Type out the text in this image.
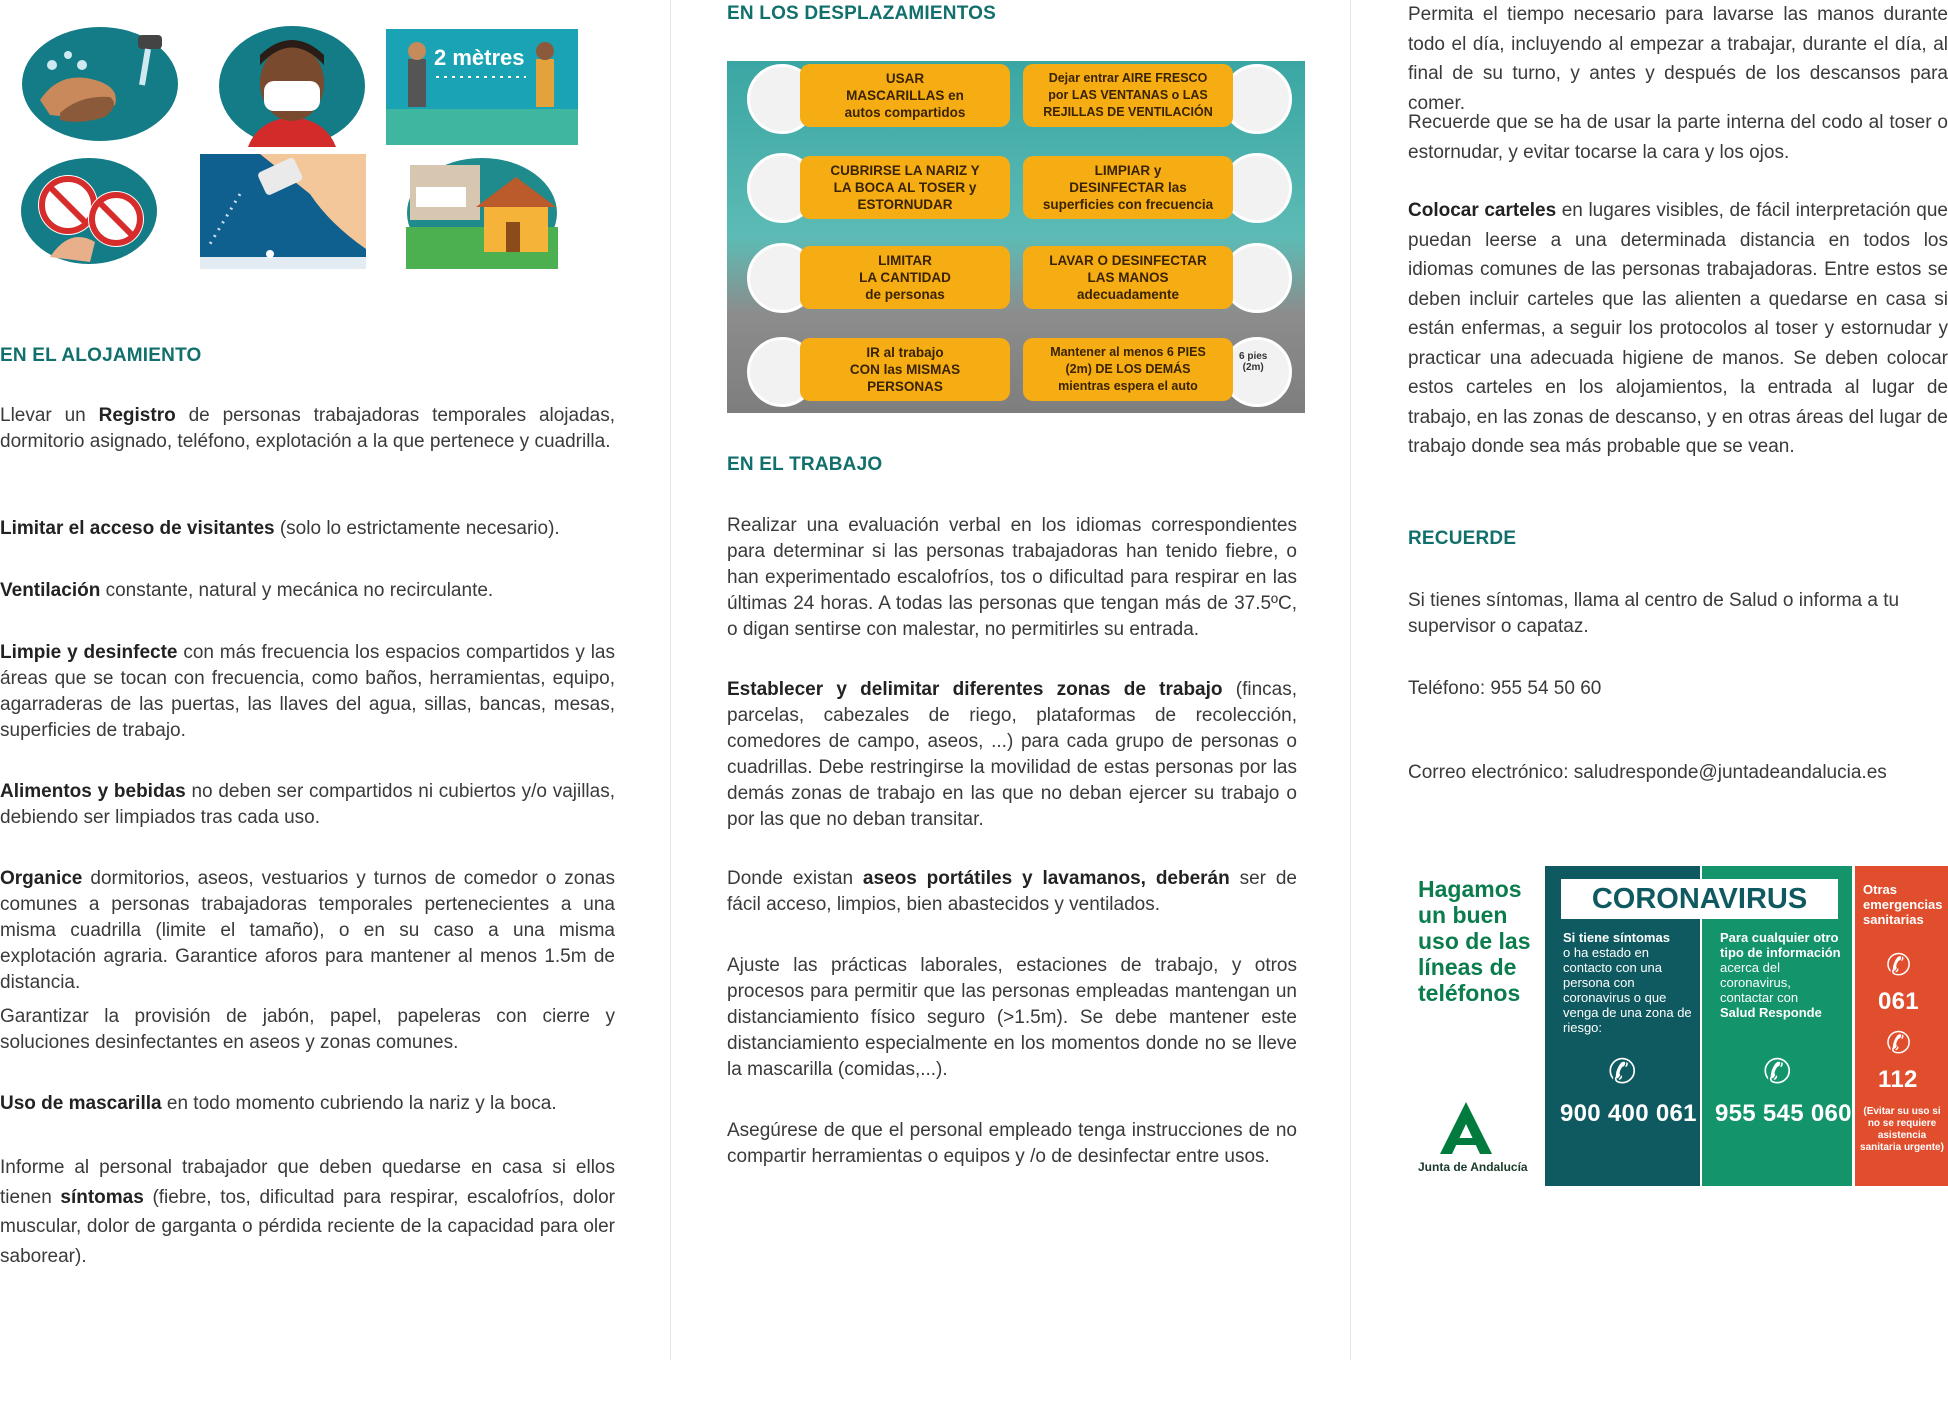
2 mètres
EN EL ALOJAMIENTO
Llevar un Registro de personas trabajadoras temporales alojadas, dormitorio asignado, teléfono, explotación a la que pertenece y cuadrilla.
Limitar el acceso de visitantes (solo lo estrictamente necesario).
Ventilación constante, natural y mecánica no recirculante.
Limpie y desinfecte con más frecuencia los espacios compartidos y las áreas que se tocan con frecuencia, como baños, herramientas, equipo, agarraderas de las puertas, las llaves del agua, sillas, bancas, mesas, superficies de trabajo.
Alimentos y bebidas no deben ser compartidos ni cubiertos y/o vajillas, debiendo ser limpiados tras cada uso.
Organice dormitorios, aseos, vestuarios y turnos de comedor o zonas comunes a personas trabajadoras temporales pertenecientes a una misma cuadrilla (limite el tamaño), o en su caso a una misma explotación agraria. Garantice aforos para mantener al menos 1.5m de distancia.
Garantizar la provisión de jabón, papel, papeleras con cierre y soluciones desinfectantes en aseos y zonas comunes.
Uso de mascarilla en todo momento cubriendo la nariz y la boca.
Informe al personal trabajador que deben quedarse en casa si ellos tienen síntomas (fiebre, tos, dificultad para respirar, escalofríos, dolor muscular, dolor de garganta o pérdida reciente de la capacidad para oler saborear).
EN LOS DESPLAZAMIENTOS
USAR
MASCARILLAS en
autos compartidos
Dejar entrar AIRE FRESCO
por LAS VENTANAS o LAS
REJILLAS DE VENTILACIÓN
CUBRIRSE LA NARIZ Y
LA BOCA AL TOSER y
ESTORNUDAR
LIMPIAR y
DESINFECTAR las
superficies con frecuencia
LIMITAR
LA CANTIDAD
de personas
LAVAR O DESINFECTAR
LAS MANOS
adecuadamente
IR al trabajo
CON las MISMAS
PERSONAS
Mantener al menos 6 PIES
(2m) DE LOS DEMÁS
mientras espera el auto
6 pies
(2m)
EN EL TRABAJO
Realizar una evaluación verbal en los idiomas correspondientes para determinar si las personas trabajadoras han tenido fiebre, o han experimentado escalofríos, tos o dificultad para respirar en las últimas 24 horas. A todas las personas que tengan más de 37.5ºC, o digan sentirse con malestar, no permitirles su entrada.
Establecer y delimitar diferentes zonas de trabajo (fincas, parcelas, cabezales de riego, plataformas de recolección, comedores de campo, aseos, ...) para cada grupo de personas o cuadrillas. Debe restringirse la movilidad de estas personas por las demás zonas de trabajo en las que no deban ejercer su trabajo o por las que no deban transitar.
Donde existan aseos portátiles y lavamanos, deberán ser de fácil acceso, limpios, bien abastecidos y ventilados.
Ajuste las prácticas laborales, estaciones de trabajo, y otros procesos para permitir que las personas empleadas mantengan un distanciamiento físico seguro (>1.5m). Se debe mantener este distanciamiento especialmente en los momentos donde no se lleve la mascarilla (comidas,...).
Asegúrese de que el personal empleado tenga instrucciones de no compartir herramientas o equipos y /o de desinfectar entre usos.
Permita el tiempo necesario para lavarse las manos durante todo el día, incluyendo al empezar a trabajar, durante el día, al final de su turno, y antes y después de los descansos para comer.
Recuerde que se ha de usar la parte interna del codo al toser o estornudar, y evitar tocarse la cara y los ojos.
Colocar carteles en lugares visibles, de fácil interpretación que puedan leerse a una determinada distancia en todos los idiomas comunes de las personas trabajadoras. Entre estos se deben incluir carteles que las alienten a quedarse en casa si están enfermas, a seguir los protocolos al toser y estornudar y practicar una adecuada higiene de manos. Se deben colocar estos carteles en los alojamientos, la entrada al lugar de trabajo, en las zonas de descanso, y en otras áreas del lugar de trabajo donde sea más probable que se vean.
RECUERDE
Si tienes síntomas, llama al centro de Salud o informa a tu supervisor o capataz.
Teléfono: 955 54 50 60
Correo electrónico: saludresponde@juntadeandalucia.es
Hagamos
un buen
uso de las
líneas de
teléfonos
Junta de Andalucía
CORONAVIRUS
Si tiene síntomas
o ha estado en contacto con una persona con coronavirus o que venga de una zona de riesgo:
✆
900 400 061
Para cualquier otro tipo de información
acerca del coronavirus, contactar con
Salud Responde
✆
955 545 060
Otras emergencias sanitarias
✆
061
✆
112
(Evitar su uso si no se requiere asistencia sanitaria urgente)
